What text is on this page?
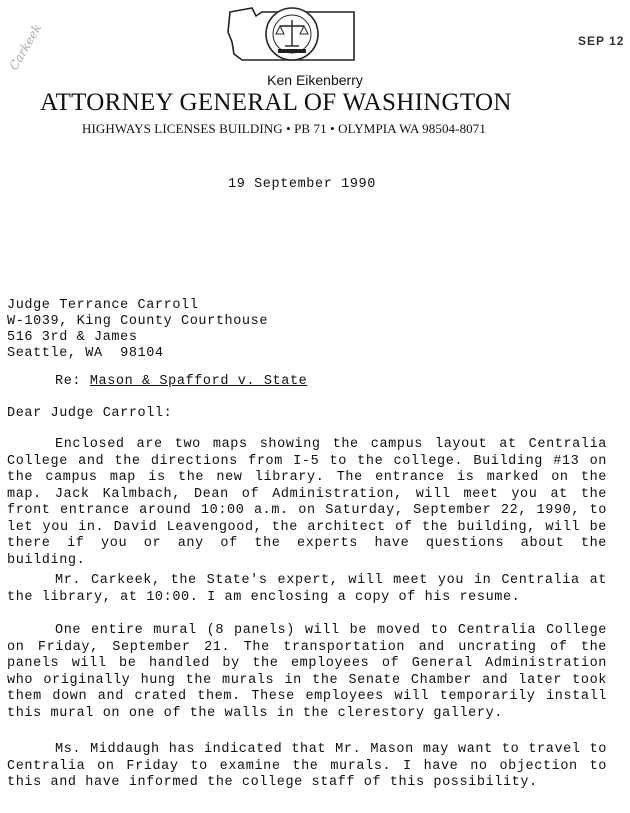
SEP 12
Carkeek
Ken Eikenberry
ATTORNEY GENERAL OF WASHINGTON
HIGHWAYS LICENSES BUILDING • PB 71 • OLYMPIA WA 98504-8071
19 September 1990
Judge Terrance Carroll
W-1039, King County Courthouse
516 3rd & James
Seattle, WA  98104
Re: Mason & Spafford v. State
Dear Judge Carroll:
Enclosed are two maps showing the campus layout at Centralia College and the directions from I-5 to the college. Building #13 on the campus map is the new library. The entrance is marked on the map. Jack Kalmbach, Dean of Administration, will meet you at the front entrance around 10:00 a.m. on Saturday, September 22, 1990, to let you in. David Leavengood, the architect of the building, will be there if you or any of the experts have questions about the building.
Mr. Carkeek, the State's expert, will meet you in Centralia at the library, at 10:00. I am enclosing a copy of his resume.
One entire mural (8 panels) will be moved to Centralia College on Friday, September 21. The transportation and uncrating of the panels will be handled by the employees of General Administration who originally hung the murals in the Senate Chamber and later took them down and crated them. These employees will temporarily install this mural on one of the walls in the clerestory gallery.
Ms. Middaugh has indicated that Mr. Mason may want to travel to Centralia on Friday to examine the murals. I have no objection to this and have informed the college staff of this possibility.
